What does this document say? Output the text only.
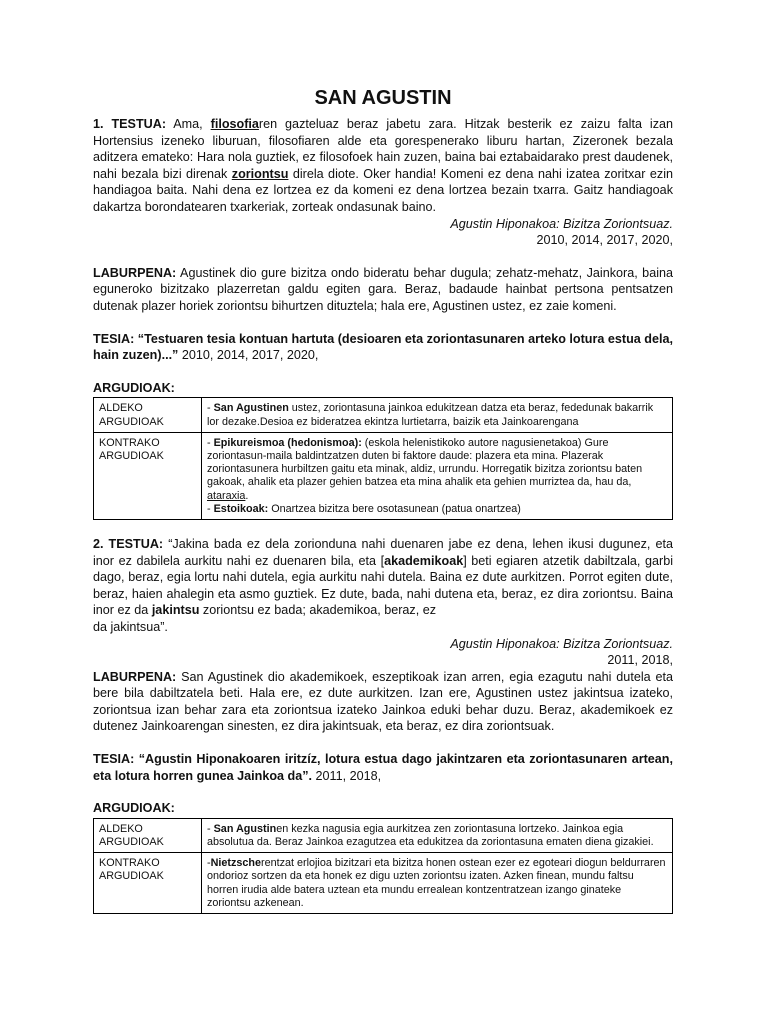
SAN AGUSTIN

1. TESTUA: Ama, filosofiaren gazteluaz beraz jabetu zara. Hitzak besterik ez zaizu falta izan Hortensius izeneko liburuan, filosofiaren alde eta gorespenerako liburu hartan, Zizeronek bezala aditzera emateko: Hara nola guztiek, ez filosofoek hain zuzen, baina bai eztabaidarako prest daudenek, nahi bezala bizi direnak zoriontsu direla diote. Oker handia! Komeni ez dena nahi izatea zoritxar ezin handiagoa baita. Nahi dena ez lortzea ez da komeni ez dena lortzea bezain txarra. Gaitz handiagoak dakartza borondatearen txarkeriak, zorteak ondasunak baino.

Agustin Hiponakoa: Bizitza Zoriontsuaz.

2010, 2014, 2017, 2020,

LABURPENA: Agustinek dio gure bizitza ondo bideratu behar dugula; zehatz-mehatz, Jainkora, baina eguneroko bizitzako plazerretan galdu egiten gara. Beraz, badaude hainbat pertsona pentsatzen dutenak plazer horiek zoriontsu bihurtzen dituztela; hala ere, Agustinen ustez, ez zaie komeni.

TESIA: “Testuaren tesia kontuan hartuta (desioaren eta zoriontasunaren arteko lotura estua dela, hain zuzen)...” 2010, 2014, 2017, 2020,

ARGUDIOAK:

ALDEKO ARGUDIOAK	- San Agustinen ustez, zoriontasuna jainkoa edukitzean datza eta beraz, fededunak bakarrik lor dezake.Desioa ez bideratzea ekintza lurtietarra, baizik eta Jainkoarengana
KONTRAKO ARGUDIOAK	- Epikureismoa (hedonismoa): (eskola helenistikoko autore nagusienetakoa) Gure zoriontasun-maila baldintzatzen duten bi faktore daude: plazera eta mina. Plazerak zoriontasunera hurbiltzen gaitu eta minak, aldiz, urrundu. Horregatik bizitza zoriontsu baten gakoak, ahalik eta plazer gehien batzea eta mina ahalik eta gehien murriztea da, hau da, ataraxia.
- Estoikoak: Onartzea bizitza bere osotasunean (patua onartzea)

2. TESTUA: “Jakina bada ez dela zorionduna nahi duenaren jabe ez dena, lehen ikusi dugunez, eta inor ez dabilela aurkitu nahi ez duenaren bila, eta [akademikoak] beti egiaren atzetik dabiltzala, garbi dago, beraz, egia lortu nahi dutela, egia aurkitu nahi dutela. Baina ez dute aurkitzen. Porrot egiten dute, beraz, haien ahalegin eta asmo guztiek. Ez dute, bada, nahi dutena eta, beraz, ez dira zoriontsu. Baina inor ez da jakintsu zoriontsu ez bada; akademikoa, beraz, ez
da jakintsua”.

Agustin Hiponakoa: Bizitza Zoriontsuaz.

2011, 2018,

LABURPENA: San Agustinek dio akademikoek, eszeptikoak izan arren, egia ezagutu nahi dutela eta bere bila dabiltzatela beti. Hala ere, ez dute aurkitzen. Izan ere, Agustinen ustez jakintsua izateko, zoriontsua izan behar zara eta zoriontsua izateko Jainkoa eduki behar duzu. Beraz, akademikoek ez dutenez Jainkoarengan sinesten, ez dira jakintsuak, eta beraz, ez dira zoriontsuak.

TESIA: “Agustin Hiponakoaren iritzíz, lotura estua dago jakintzaren eta zoriontasunaren artean, eta lotura horren gunea Jainkoa da”. 2011, 2018,

ARGUDIOAK:

ALDEKO ARGUDIOAK	- San Agustinen kezka nagusia egia aurkitzea zen zoriontasuna lortzeko. Jainkoa egia absolutua da. Beraz Jainkoa ezagutzea eta edukitzea da zoriontasuna ematen diena gizakiei.
KONTRAKO ARGUDIOAK	-Nietzscherentzat erlojioa bizitzari eta bizitza honen ostean ezer ez egoteari diogun beldurraren ondorioz sortzen da eta honek ez digu uzten zoriontsu izaten. Azken finean, mundu faltsu horren irudia alde batera uztean eta mundu errealean kontzentratzean izango ginateke zoriontsu azkenean.
